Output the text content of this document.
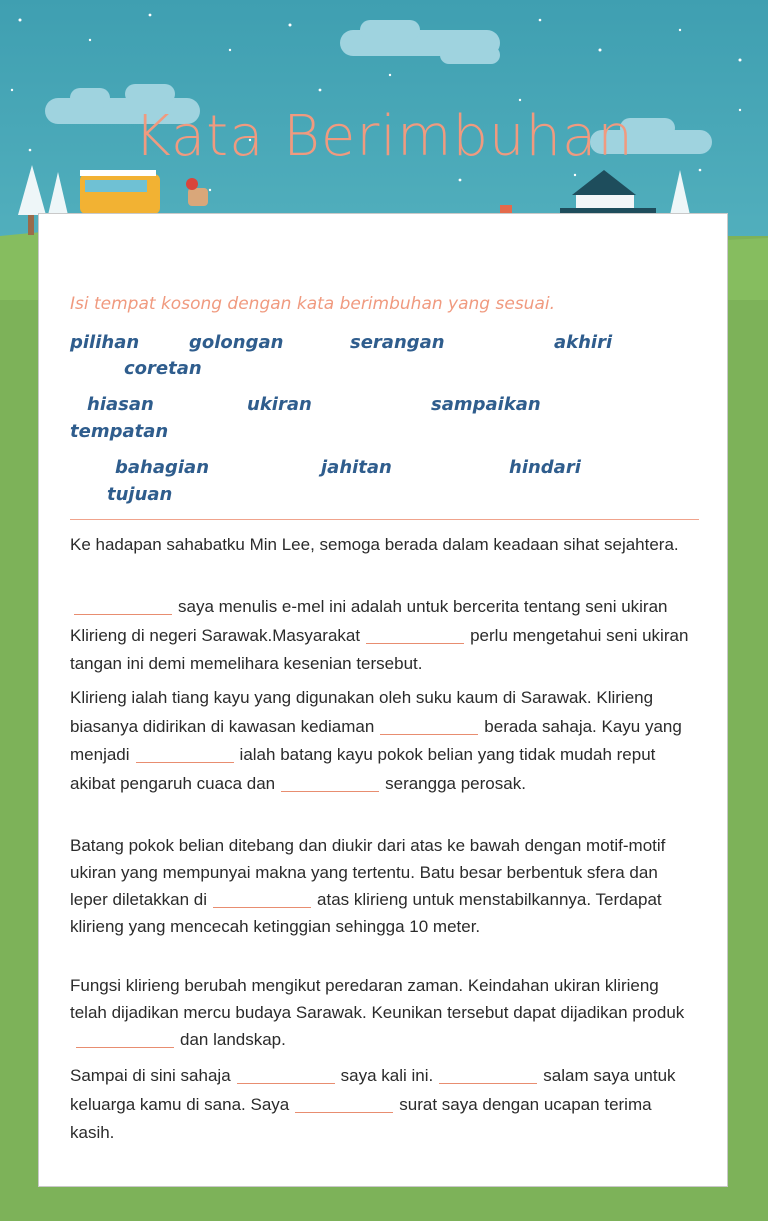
Kata Berimbuhan
Isi tempat kosong dengan kata berimbuhan yang sesuai.
pilihan	golongan	serangan	akhiri
coretan
hiasan	ukiran	sampaikan
tempatan
bahagian	jahitan	hindari
tujuan
Ke hadapan sahabatku Min Lee, semoga berada dalam keadaan sihat sejahtera.
saya menulis e-mel ini adalah untuk bercerita tentang seni ukiran Klirieng di negeri Sarawak.Masyarakat	perlu mengetahui seni ukiran tangan ini demi memelihara kesenian tersebut.
Klirieng ialah tiang kayu yang digunakan oleh suku kaum di Sarawak. Klirieng biasanya didirikan di kawasan kediaman	berada sahaja. Kayu yang menjadi	ialah batang kayu pokok belian yang tidak mudah reput akibat pengaruh cuaca dan	serangga perosak.
Batang pokok belian ditebang dan diukir dari atas ke bawah dengan motif-motif ukiran yang mempunyai makna yang tertentu. Batu besar berbentuk sfera dan leper diletakkan di	atas klirieng untuk menstabilkannya. Terdapat klirieng yang mencecah ketinggian sehingga 10 meter.
Fungsi klirieng berubah mengikut peredaran zaman. Keindahan ukiran klirieng telah dijadikan mercu budaya Sarawak. Keunikan tersebut dapat dijadikan produkdan landskap.
Sampai di sini sahaja	saya kali ini.	salam saya untuk keluarga kamu di sana. Saya	surat saya dengan ucapan terima kasih.
